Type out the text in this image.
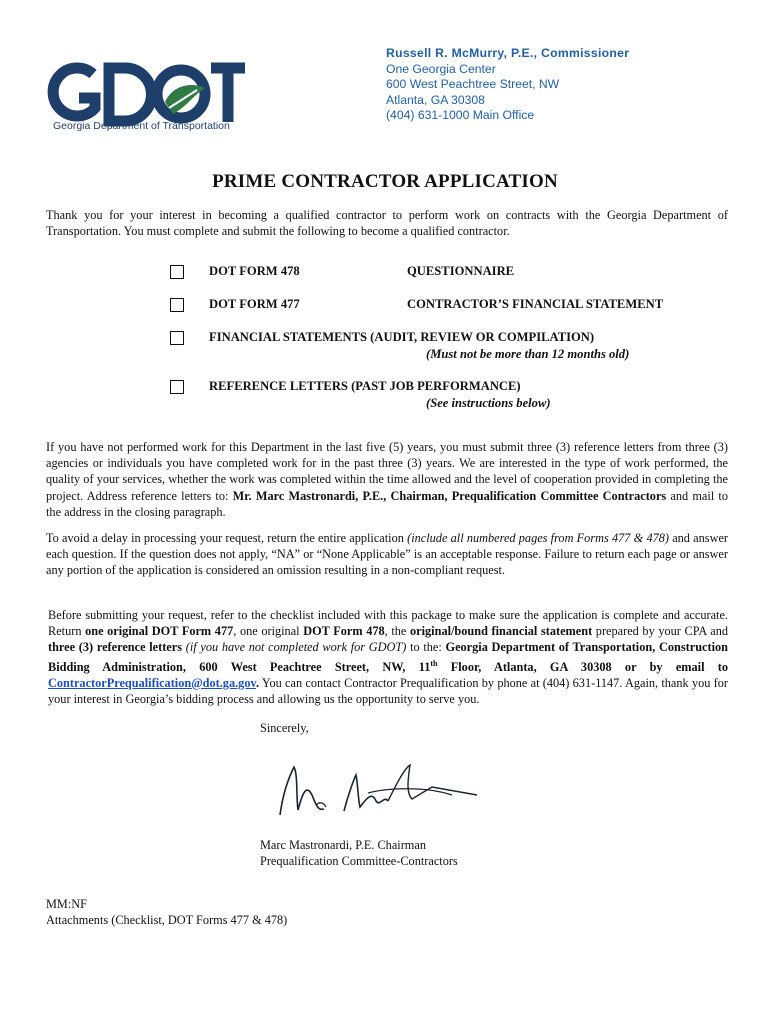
Georgia Department of Transportation
Russell R. McMurry, P.E., Commissioner
One Georgia Center
600 West Peachtree Street, NW
Atlanta, GA 30308
(404) 631-1000 Main Office
PRIME CONTRACTOR APPLICATION
Thank you for your interest in becoming a qualified contractor to perform work on contracts with the Georgia Department of Transportation. You must complete and submit the following to become a qualified contractor.
DOT FORM 478	QUESTIONNAIRE
DOT FORM 477	CONTRACTOR’S FINANCIAL STATEMENT
FINANCIAL STATEMENTS (AUDIT, REVIEW OR COMPILATION)
(Must not be more than 12 months old)
REFERENCE LETTERS (PAST JOB PERFORMANCE)
(See instructions below)
If you have not performed work for this Department in the last five (5) years, you must submit three (3) reference letters from three (3) agencies or individuals you have completed work for in the past three (3) years. We are interested in the type of work performed, the quality of your services, whether the work was completed within the time allowed and the level of cooperation provided in completing the project. Address reference letters to: Mr. Marc Mastronardi, P.E., Chairman, Prequalification Committee Contractors and mail to the address in the closing paragraph.
To avoid a delay in processing your request, return the entire application (include all numbered pages from Forms 477 & 478) and answer each question. If the question does not apply, “NA” or “None Applicable” is an acceptable response. Failure to return each page or answer any portion of the application is considered an omission resulting in a non-compliant request.
Before submitting your request, refer to the checklist included with this package to make sure the application is complete and accurate. Return one original DOT Form 477, one original DOT Form 478, the original/bound financial statement prepared by your CPA and three (3) reference letters (if you have not completed work for GDOT) to the: Georgia Department of Transportation, Construction Bidding Administration, 600 West Peachtree Street, NW, 11th Floor, Atlanta, GA 30308 or by email to ContractorPrequalification@dot.ga.gov. You can contact Contractor Prequalification by phone at (404) 631-1147. Again, thank you for your interest in Georgia’s bidding process and allowing us the opportunity to serve you.
Sincerely,
Marc Mastronardi, P.E. Chairman
Prequalification Committee-Contractors
MM:NF
Attachments (Checklist, DOT Forms 477 & 478)
